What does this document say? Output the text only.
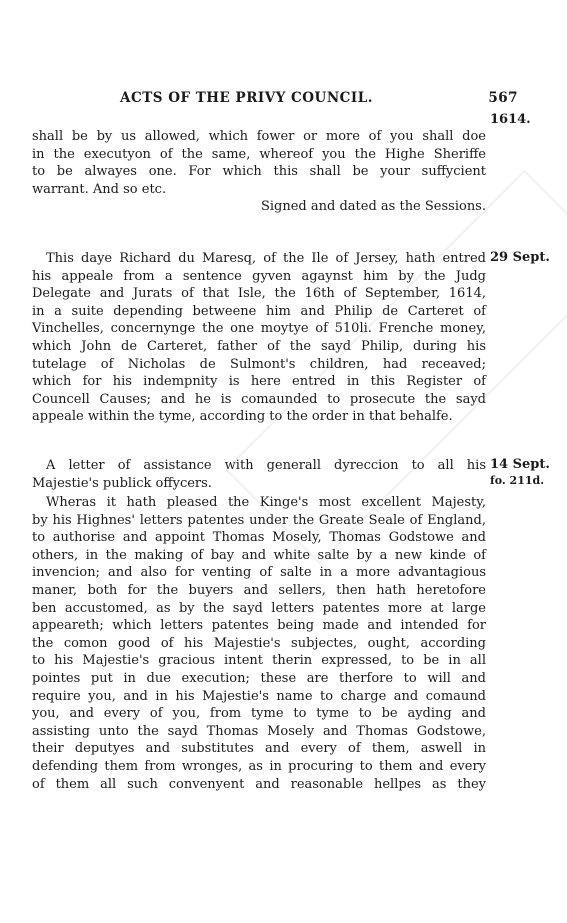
ACTS OF THE PRIVY COUNCIL.	567
1614.
shall be by us allowed, which fower or more of you shall doe
in the executyon of the same, whereof you the Highe Sheriffe
to be alwayes one. For which this shall be your suffycient
warrant. And so etc.
Signed and dated as the Sessions.
29 Sept.
This daye Richard du Maresq, of the Ile of Jersey, hath entred
his appeale from a sentence gyven agaynst him by the Judg
Delegate and Jurats of that Isle, the 16th of September, 1614,
in a suite depending betweene him and Philip de Carteret of
Vinchelles, concernynge the one moytye of 510li. Frenche money,
which John de Carteret, father of the sayd Philip, during his
tutelage of Nicholas de Sulmont's children, had receaved;
which for his indempnity is here entred in this Register of
Councell Causes; and he is comaunded to prosecute the sayd
appeale within the tyme, according to the order in that behalfe.
14 Sept.
fo. 211d.
A letter of assistance with generall dyreccion to all his
Majestie's publick offycers.
Wheras it hath pleased the Kinge's most excellent Majesty,
by his Highnes' letters patentes under the Greate Seale of England,
to authorise and appoint Thomas Mosely, Thomas Godstowe and
others, in the making of bay and white salte by a new kinde of
invencion; and also for venting of salte in a more advantagious
maner, both for the buyers and sellers, then hath heretofore
ben accustomed, as by the sayd letters patentes more at large
appeareth; which letters patentes being made and intended for
the comon good of his Majestie's subjectes, ought, according
to his Majestie's gracious intent therin expressed, to be in all
pointes put in due execution; these are therfore to will and
require you, and in his Majestie's name to charge and comaund
you, and every of you, from tyme to tyme to be ayding and
assisting unto the sayd Thomas Mosely and Thomas Godstowe,
their deputyes and substitutes and every of them, aswell in
defending them from wronges, as in procuring to them and every
of them all such convenyent and reasonable hellpes as they
